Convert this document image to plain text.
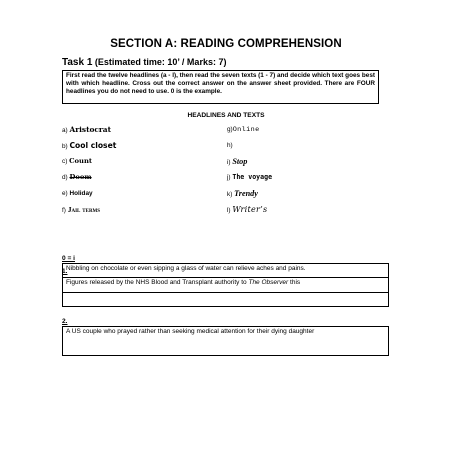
SECTION A: READING COMPREHENSION
Task 1 (Estimated time: 10’ / Marks: 7)
First read the twelve headlines (a - l), then read the seven texts (1 - 7) and decide which text goes best with which headline. Cross out the correct answer on the answer sheet provided. There are FOUR headlines you do not need to use. 0 is the example.
HEADLINES AND TEXTS
a) Aristocrat
b) Cool closet
c) Count
d) Doom
e) Holiday
f) Jail terms
g)Online
h)
i) Stop
j) The voyage
k) Trendy
l) Writer’s
0 = i
Nibbling on chocolate or even sipping a glass of water can relieve aches and pains.
1.
Figures released by the NHS Blood and Transplant authority to The Observer this
2.
A US couple who prayed rather than seeking medical attention for their dying daughter
